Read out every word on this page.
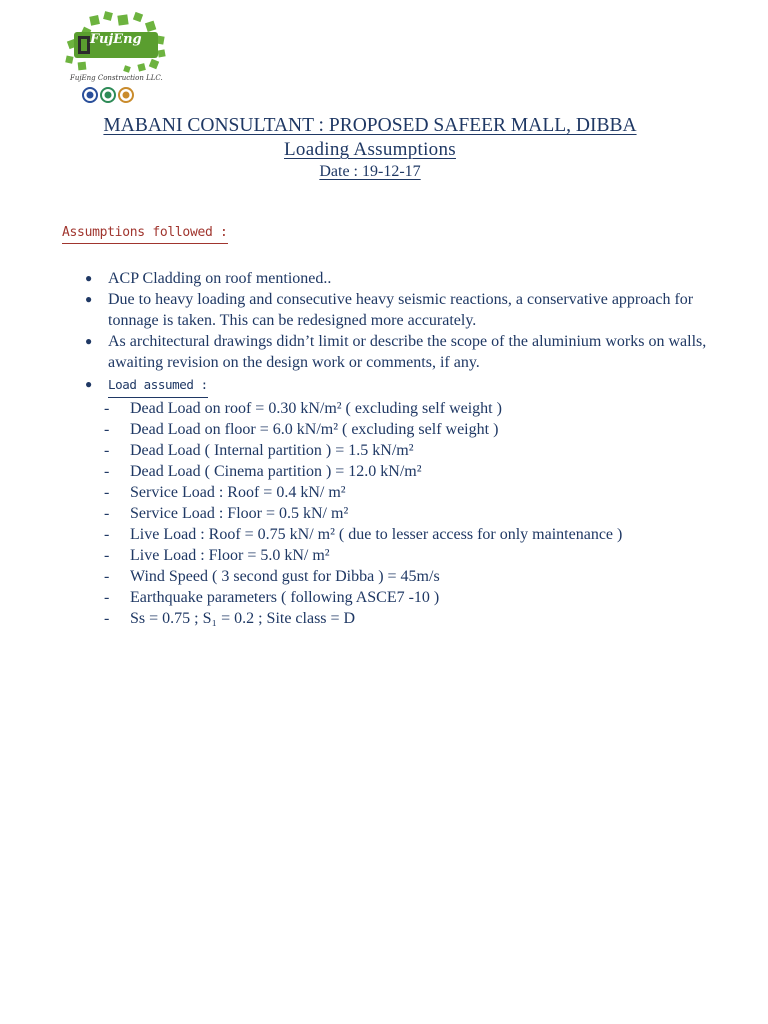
FujEng
FujEng Construction LLC.
MABANI CONSULTANT : PROPOSED SAFEER MALL, DIBBA
Loading Assumptions
Date : 19-12-17
Assumptions followed :
● ACP Cladding on roof mentioned..
● Due to heavy loading and consecutive heavy seismic reactions, a conservative approach for tonnage is taken. This can be redesigned more accurately.
● As architectural drawings didn’t limit or describe the scope of the aluminium works on walls, awaiting revision on the design work or comments, if any.
● Load assumed :
- Dead Load on roof = 0.30 kN/m² ( excluding self weight )
- Dead Load on floor = 6.0 kN/m² ( excluding self weight )
- Dead Load ( Internal partition ) = 1.5 kN/m²
- Dead Load ( Cinema partition ) = 12.0 kN/m²
- Service Load : Roof = 0.4 kN/ m²
- Service Load : Floor = 0.5 kN/ m²
- Live Load : Roof = 0.75 kN/ m² ( due to lesser access for only maintenance )
- Live Load : Floor = 5.0 kN/ m²
- Wind Speed ( 3 second gust for Dibba ) = 45m/s
- Earthquake parameters ( following ASCE7 -10 )
- Ss = 0.75 ; S₁ = 0.2 ; Site class = D
